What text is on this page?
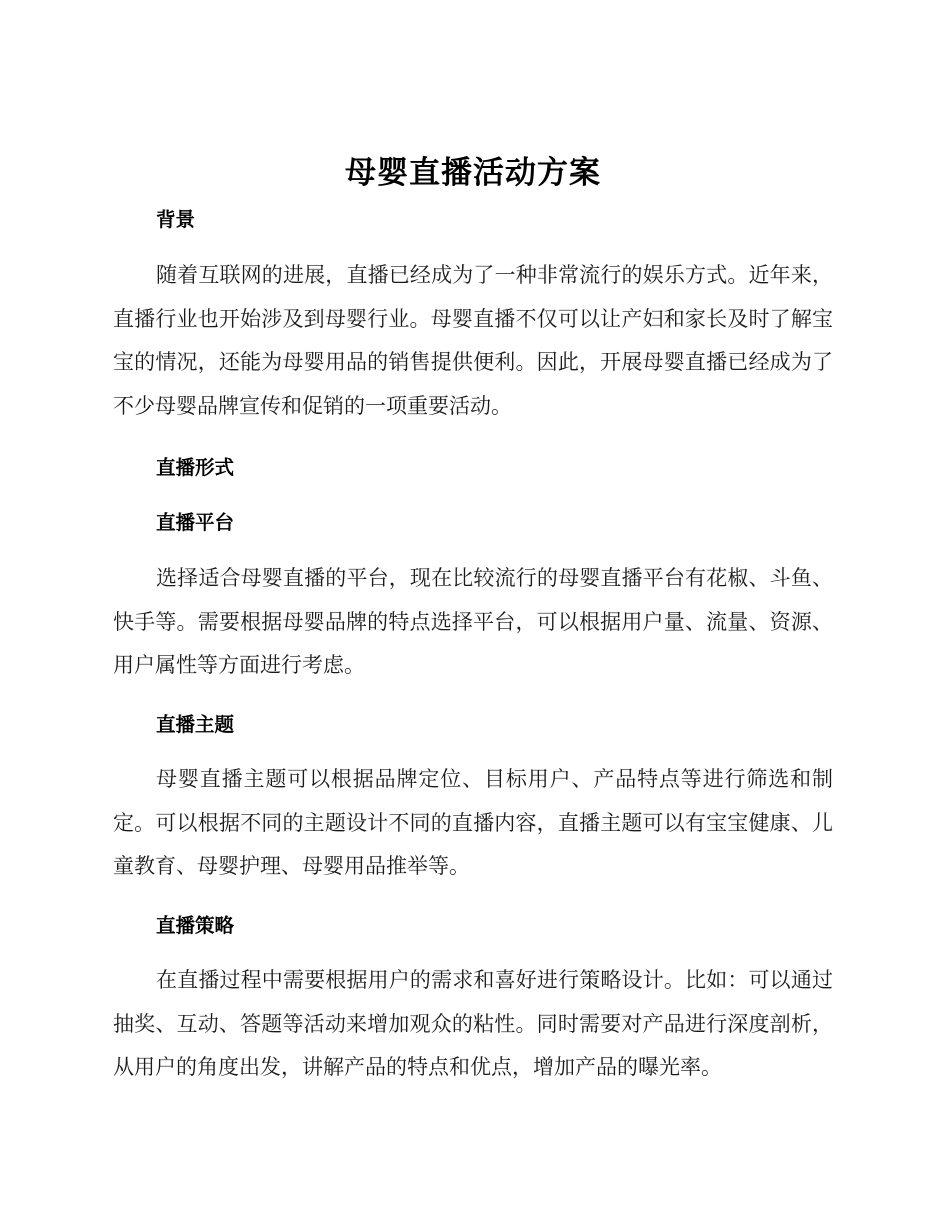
母婴直播活动方案
背景

随着互联网的进展，直播已经成为了一种非常流行的娱乐方式。近年来，直播行业也开始涉及到母婴行业。母婴直播不仅可以让产妇和家长及时了解宝宝的情况，还能为母婴用品的销售提供便利。因此，开展母婴直播已经成为了不少母婴品牌宣传和促销的一项重要活动。

直播形式
直播平台

选择适合母婴直播的平台，现在比较流行的母婴直播平台有花椒、斗鱼、快手等。需要根据母婴品牌的特点选择平台，可以根据用户量、流量、资源、用户属性等方面进行考虑。

直播主题

母婴直播主题可以根据品牌定位、目标用户、产品特点等进行筛选和制定。可以根据不同的主题设计不同的直播内容，直播主题可以有宝宝健康、儿童教育、母婴护理、母婴用品推举等。

直播策略

在直播过程中需要根据用户的需求和喜好进行策略设计。比如：可以通过抽奖、互动、答题等活动来增加观众的粘性。同时需要对产品进行深度剖析，从用户的角度出发，讲解产品的特点和优点，增加产品的曝光率。
